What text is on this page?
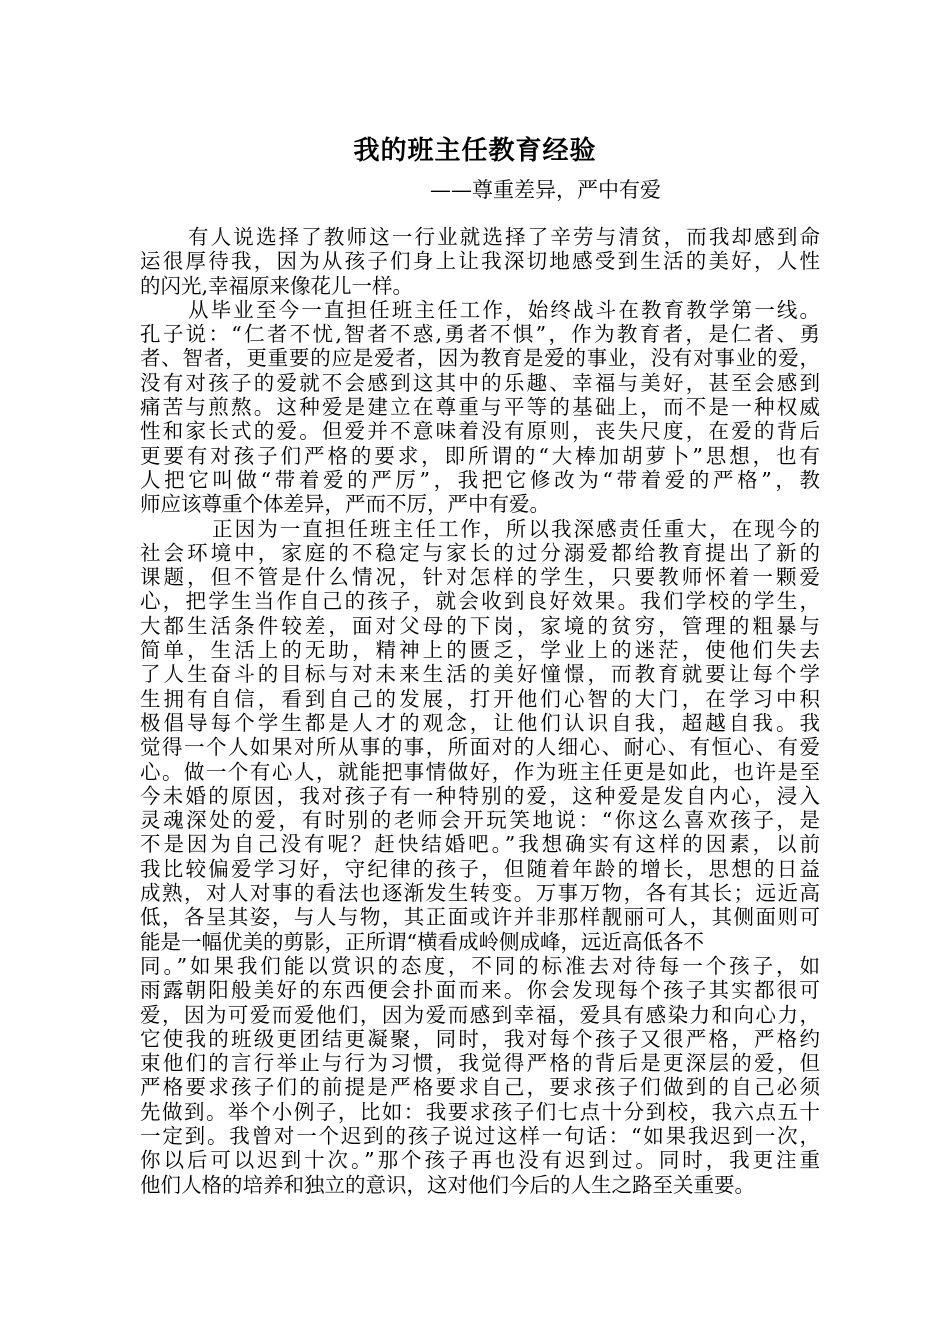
我的班主任教育经验
——尊重差异，严中有爱
有人说选择了教师这一行业就选择了辛劳与清贫，而我却感到命
运很厚待我，因为从孩子们身上让我深切地感受到生活的美好，人性
的闪光,幸福原来像花儿一样。
从毕业至今一直担任班主任工作，始终战斗在教育教学第一线。
孔子说：“仁者不忧,智者不惑,勇者不惧”，作为教育者，是仁者、勇
者、智者，更重要的应是爱者，因为教育是爱的事业，没有对事业的爱，
没有对孩子的爱就不会感到这其中的乐趣、幸福与美好，甚至会感到
痛苦与煎熬。这种爱是建立在尊重与平等的基础上，而不是一种权威
性和家长式的爱。但爱并不意味着没有原则，丧失尺度，在爱的背后
更要有对孩子们严格的要求，即所谓的“大棒加胡萝卜”思想，也有
人把它叫做“带着爱的严厉”，我把它修改为“带着爱的严格”，教
师应该尊重个体差异，严而不厉，严中有爱。
正因为一直担任班主任工作，所以我深感责任重大，在现今的
社会环境中，家庭的不稳定与家长的过分溺爱都给教育提出了新的
课题，但不管是什么情况，针对怎样的学生，只要教师怀着一颗爱
心，把学生当作自己的孩子，就会收到良好效果。我们学校的学生，
大都生活条件较差，面对父母的下岗，家境的贫穷，管理的粗暴与
简单，生活上的无助，精神上的匮乏，学业上的迷茫，使他们失去
了人生奋斗的目标与对未来生活的美好憧憬，而教育就要让每个学
生拥有自信，看到自己的发展，打开他们心智的大门，在学习中积
极倡导每个学生都是人才的观念，让他们认识自我，超越自我。我
觉得一个人如果对所从事的事，所面对的人细心、耐心、有恒心、有爱
心。做一个有心人，就能把事情做好，作为班主任更是如此，也许是至
今未婚的原因，我对孩子有一种特别的爱，这种爱是发自内心，浸入
灵魂深处的爱，有时别的老师会开玩笑地说：“你这么喜欢孩子，是
不是因为自己没有呢？赶快结婚吧。”我想确实有这样的因素，以前
我比较偏爱学习好，守纪律的孩子，但随着年龄的增长，思想的日益
成熟，对人对事的看法也逐渐发生转变。万事万物，各有其长；远近高
低，各呈其姿，与人与物，其正面或许并非那样靓丽可人，其侧面则可
能是一幅优美的剪影，正所谓“横看成岭侧成峰，远近高低各不
同。”如果我们能以赏识的态度，不同的标准去对待每一个孩子，如
雨露朝阳般美好的东西便会扑面而来。你会发现每个孩子其实都很可
爱，因为可爱而爱他们，因为爱而感到幸福，爱具有感染力和向心力，
它使我的班级更团结更凝聚，同时，我对每个孩子又很严格，严格约
束他们的言行举止与行为习惯，我觉得严格的背后是更深层的爱，但
严格要求孩子们的前提是严格要求自己，要求孩子们做到的自己必须
先做到。举个小例子，比如：我要求孩子们七点十分到校，我六点五十
一定到。我曾对一个迟到的孩子说过这样一句话：“如果我迟到一次，
你以后可以迟到十次。”那个孩子再也没有迟到过。同时，我更注重
他们人格的培养和独立的意识，这对他们今后的人生之路至关重要。
